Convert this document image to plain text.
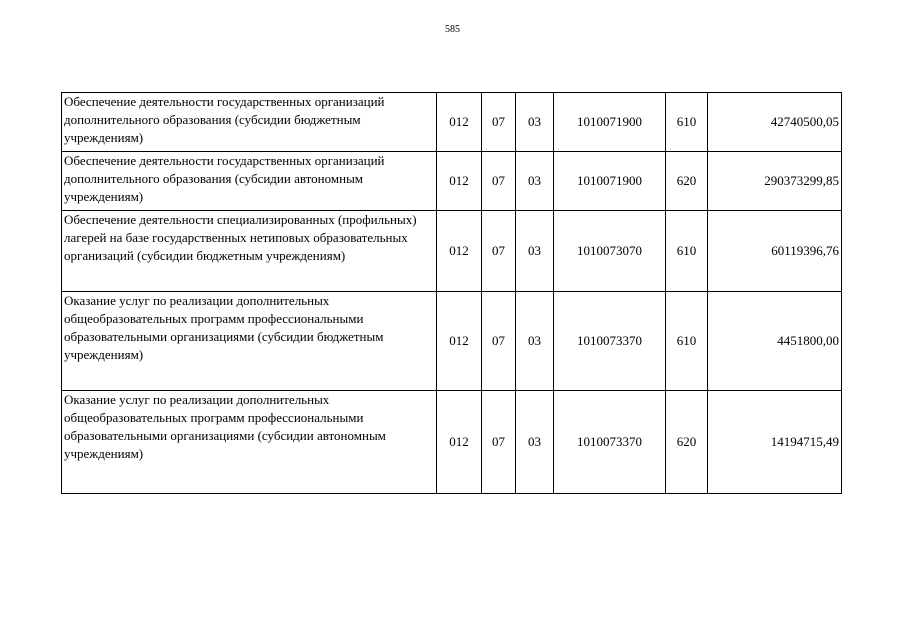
585
Обеспечение деятельности государственных организаций дополнительного образования (субсидии бюджетным учреждениям)	012	07	03	1010071900	610	42740500,05
Обеспечение деятельности государственных организаций дополнительного образования (субсидии автономным учреждениям)	012	07	03	1010071900	620	290373299,85
Обеспечение деятельности специализированных (профильных) лагерей на базе государственных нетиповых образовательных организаций (субсидии бюджетным учреждениям)	012	07	03	1010073070	610	60119396,76
Оказание услуг по реализации дополнительных общеобразовательных программ профессиональными образовательными организациями (субсидии бюджетным учреждениям)	012	07	03	1010073370	610	4451800,00
Оказание услуг по реализации дополнительных общеобразовательных программ профессиональными образовательными организациями (субсидии автономным учреждениям)	012	07	03	1010073370	620	14194715,49
